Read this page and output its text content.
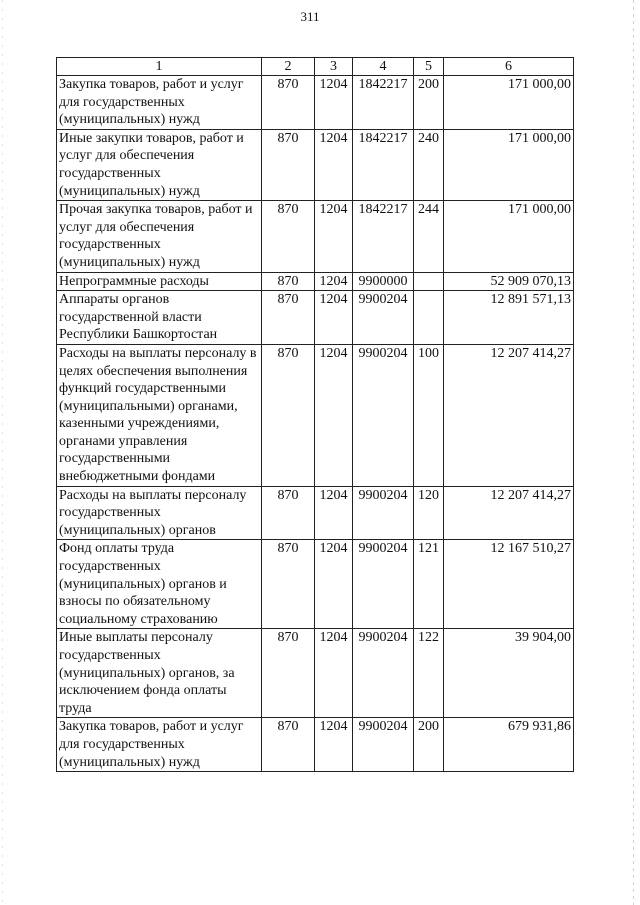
311
1	2	3	4	5	6
Закупка товаров, работ и услуг для государственных (муниципальных) нужд	870	1204	1842217	200	171 000,00
Иные закупки товаров, работ и услуг для обеспечения государственных (муниципальных) нужд	870	1204	1842217	240	171 000,00
Прочая закупка товаров, работ и услуг для обеспечения государственных (муниципальных) нужд	870	1204	1842217	244	171 000,00
Непрограммные расходы	870	1204	9900000		52 909 070,13
Аппараты органов государственной власти Республики Башкортостан	870	1204	9900204		12 891 571,13
Расходы на выплаты персоналу в целях обеспечения выполнения функций государственными (муниципальными) органами, казенными учреждениями, органами управления государственными внебюджетными фондами	870	1204	9900204	100	12 207 414,27
Расходы на выплаты персоналу государственных (муниципальных) органов	870	1204	9900204	120	12 207 414,27
Фонд оплаты труда государственных (муниципальных) органов и взносы по обязательному социальному страхованию	870	1204	9900204	121	12 167 510,27
Иные выплаты персоналу государственных (муниципальных) органов, за исключением фонда оплаты труда	870	1204	9900204	122	39 904,00
Закупка товаров, работ и услуг для государственных (муниципальных) нужд	870	1204	9900204	200	679 931,86
